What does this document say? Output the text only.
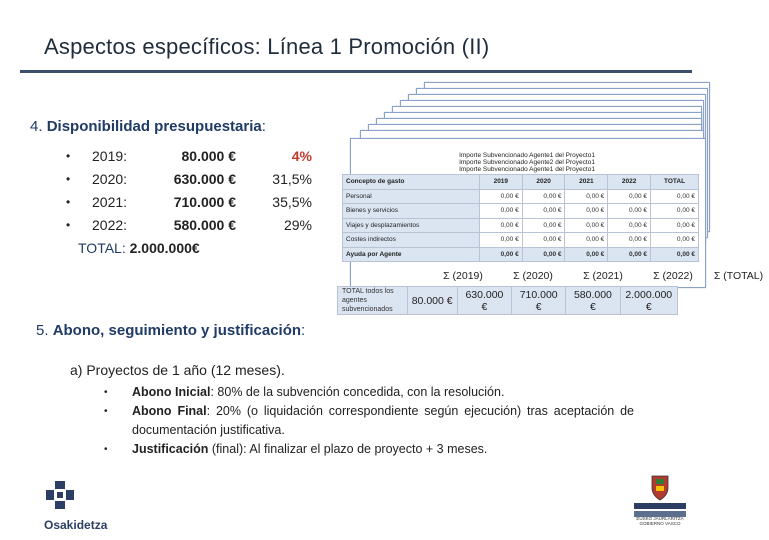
Aspectos específicos: Línea 1 Promoción (II)
4. Disponibilidad presupuestaria:
•	2019:	80.000 €	4%
•	2020:	630.000 €	31,5%
•	2021:	710.000 €	35,5%
•	2022:	580.000 €	29%
TOTAL: 2.000.000€
Importe Subvencionado Agente1 del Proyecto1
Importe Subvencionado Agente2 del Proyecto1
Importe Subvencionado Agente1 del Proyecto1
Concepto de gasto	2019	2020	2021	2022	TOTAL
Personal	0,00 €	0,00 €	0,00 €	0,00 €	0,00 €
Bienes y servicios	0,00 €	0,00 €	0,00 €	0,00 €	0,00 €
Viajes y desplazamientos	0,00 €	0,00 €	0,00 €	0,00 €	0,00 €
Costes indirectos	0,00 €	0,00 €	0,00 €	0,00 €	0,00 €
Ayuda por Agente	0,00 €	0,00 €	0,00 €	0,00 €	0,00 €
Σ (2019)	Σ (2020)	Σ (2021)	Σ (2022)	Σ (TOTAL)
TOTAL todos los agentes subvencionados	80.000 €	630.000 €	710.000 €	580.000 €	2.000.000 €
5. Abono, seguimiento y justificación:
a) Proyectos de 1 año (12 meses).
•	Abono Inicial: 80% de la subvención concedida, con la resolución.
•	Abono Final: 20% (o liquidación correspondiente según ejecución) tras aceptación de documentación justificativa.
•	Justificación (final): Al finalizar el plazo de proyecto + 3 meses.
Osakidetza	EUSKO JAURLARITZA GOBIERNO VASCO
